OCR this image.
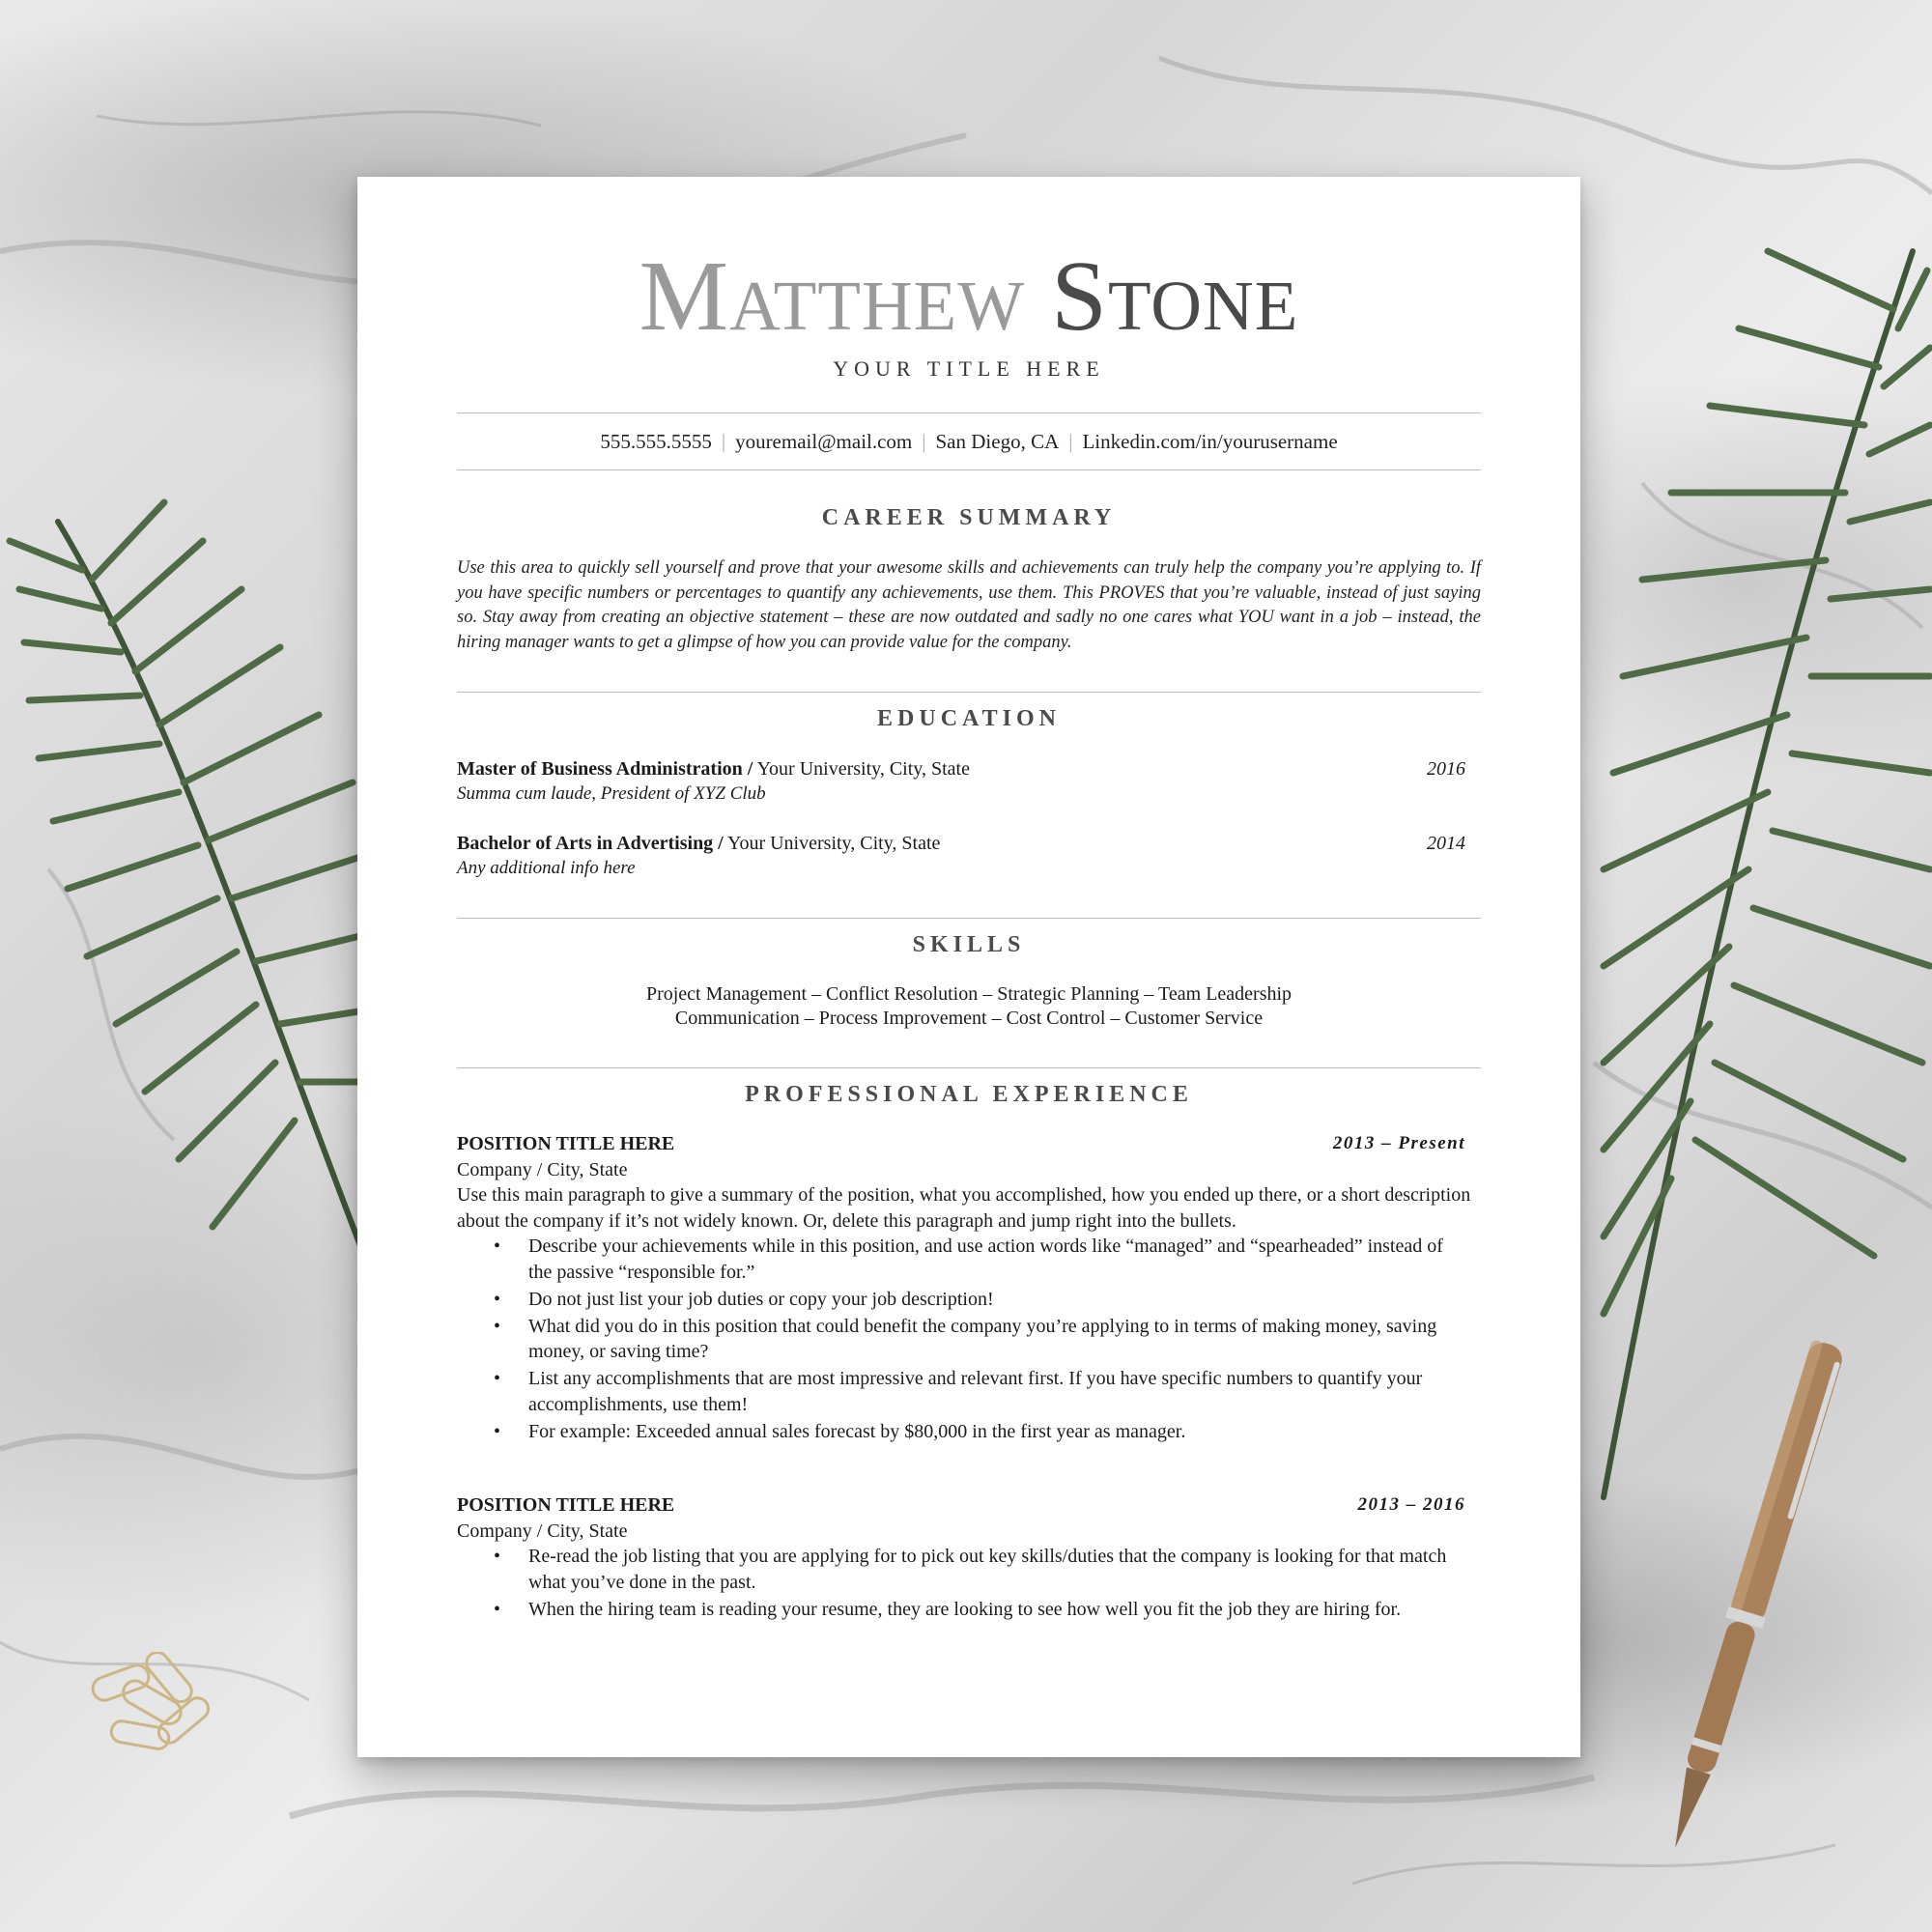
Matthew Stone
YOUR TITLE HERE
555.555.5555 | youremail@mail.com | San Diego, CA | Linkedin.com/in/yourusername
CAREER SUMMARY
Use this area to quickly sell yourself and prove that your awesome skills and achievements can truly help the company you’re applying to. If you have specific numbers or percentages to quantify any achievements, use them. This PROVES that you’re valuable, instead of just saying so. Stay away from creating an objective statement – these are now outdated and sadly no one cares what YOU want in a job – instead, the hiring manager wants to get a glimpse of how you can provide value for the company.
EDUCATION
Master of Business Administration / Your University, City, State
Summa cum laude, President of XYZ Club
2016
Bachelor of Arts in Advertising / Your University, City, State
Any additional info here
2014
SKILLS
Project Management – Conflict Resolution – Strategic Planning – Team Leadership
Communication – Process Improvement – Cost Control – Customer Service
PROFESSIONAL EXPERIENCE
POSITION TITLE HERE	2013 – Present
Company / City, State

Use this main paragraph to give a summary of the position, what you accomplished, how you ended up there, or a short description about the company if it’s not widely known. Or, delete this paragraph and jump right into the bullets.

• Describe your achievements while in this position, and use action words like “managed” and “spearheaded” instead of the passive “responsible for.”
• Do not just list your job duties or copy your job description!
• What did you do in this position that could benefit the company you’re applying to in terms of making money, saving money, or saving time?
• List any accomplishments that are most impressive and relevant first. If you have specific numbers to quantify your accomplishments, use them!
• For example: Exceeded annual sales forecast by $80,000 in the first year as manager.
POSITION TITLE HERE	2013 – 2016
Company / City, State
• Re-read the job listing that you are applying for to pick out key skills/duties that the company is looking for that match what you’ve done in the past.
• When the hiring team is reading your resume, they are looking to see how well you fit the job they are hiring for.
